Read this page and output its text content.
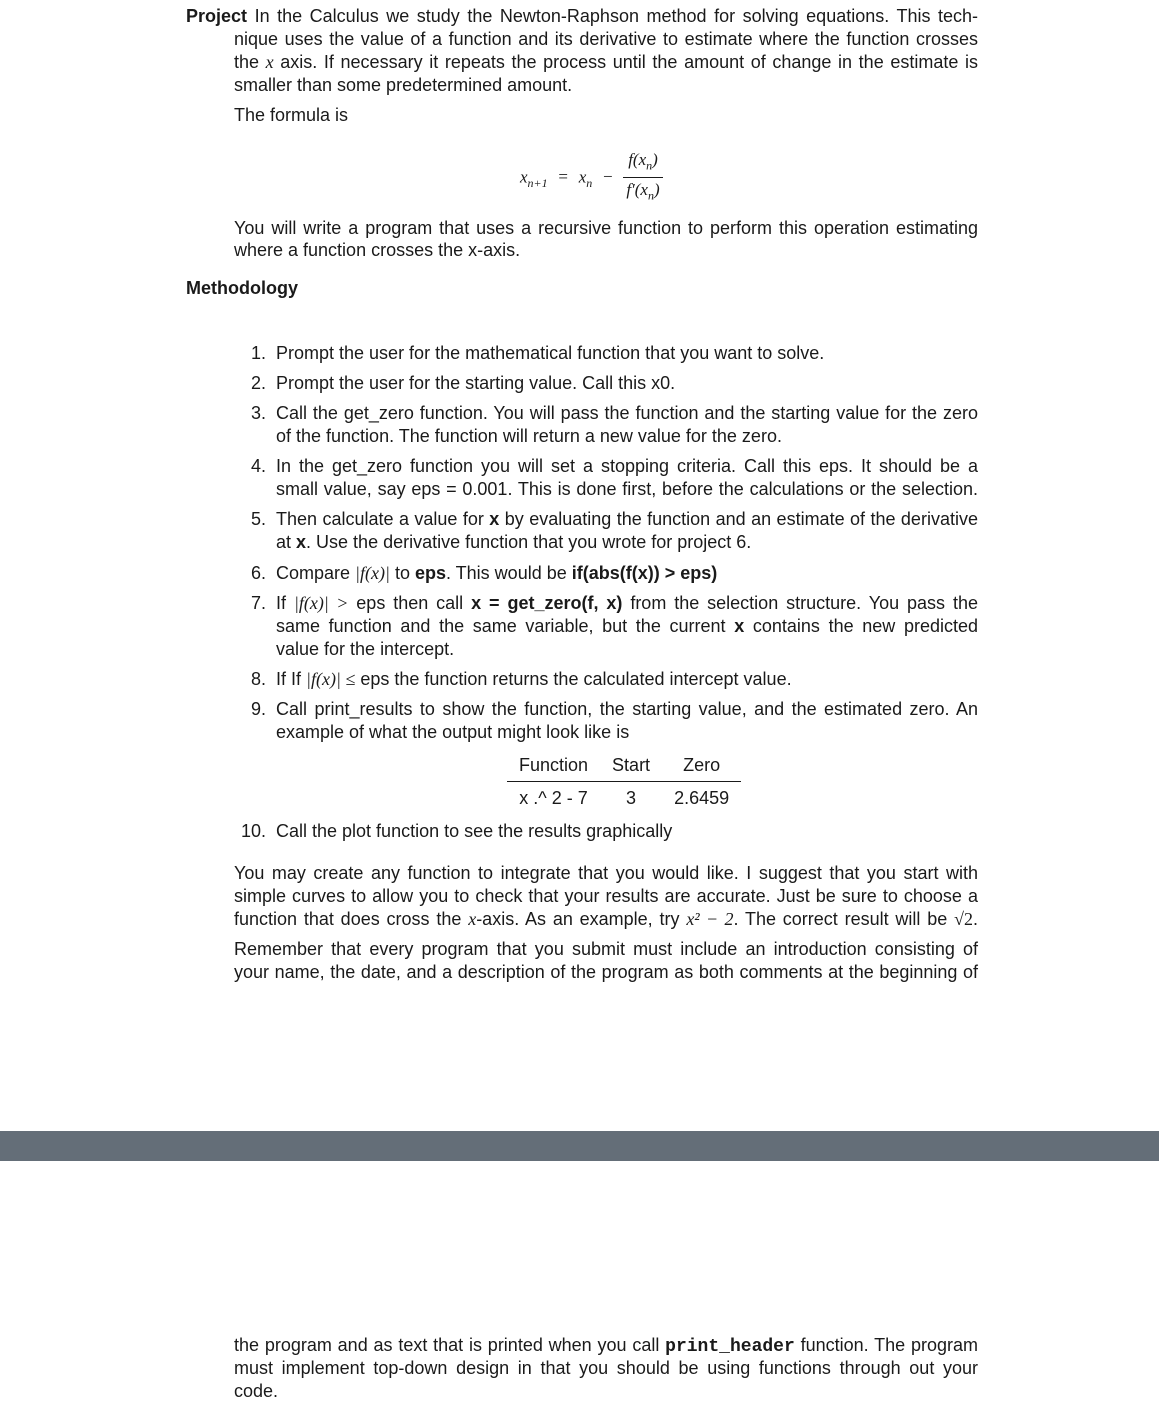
Project In the Calculus we study the Newton-Raphson method for solving equations. This tech-
nique uses the value of a function and its derivative to estimate where the function crosses
the x axis. If necessary it repeats the process until the amount of change in the estimate is
smaller than some predetermined amount.
The formula is
$x_{n+1} = x_n - \frac{f(x_n)}{f'(x_n)}$
You will write a program that uses a recursive function to perform this operation estimating
where a function crosses the x-axis.
Methodology
1. Prompt the user for the mathematical function that you want to solve.
2. Prompt the user for the starting value. Call this x0.
3. Call the get_zero function. You will pass the function and the starting value for the zero
of the function. The function will return a new value for the zero.
4. In the get_zero function you will set a stopping criteria. Call this eps. It should be a
small value, say eps = 0.001. This is done first, before the calculations or the selection.
5. Then calculate a value for x by evaluating the function and an estimate of the derivative
at x. Use the derivative function that you wrote for project 6.
6. Compare |f(x)| to eps. This would be if(abs(f(x)) > eps)
7. If |f(x)| > eps then call x = get_zero(f, x) from the selection structure. You pass the
same function and the same variable, but the current x contains the new predicted
value for the intercept.
8. If If |f(x)| ≤ eps the function returns the calculated intercept value.
9. Call print_results to show the function, the starting value, and the estimated zero. An
example of what the output might look like is
Function	Start	Zero
x .^ 2 - 7	3	2.6459
10. Call the plot function to see the results graphically
You may create any function to integrate that you would like. I suggest that you start with
simple curves to allow you to check that your results are accurate. Just be sure to choose a
function that does cross the x-axis. As an example, try x² − 2. The correct result will be √2.
Remember that every program that you submit must include an introduction consisting of
your name, the date, and a description of the program as both comments at the beginning of
the program and as text that is printed when you call print_header function. The program
must implement top-down design in that you should be using functions through out your
code.
